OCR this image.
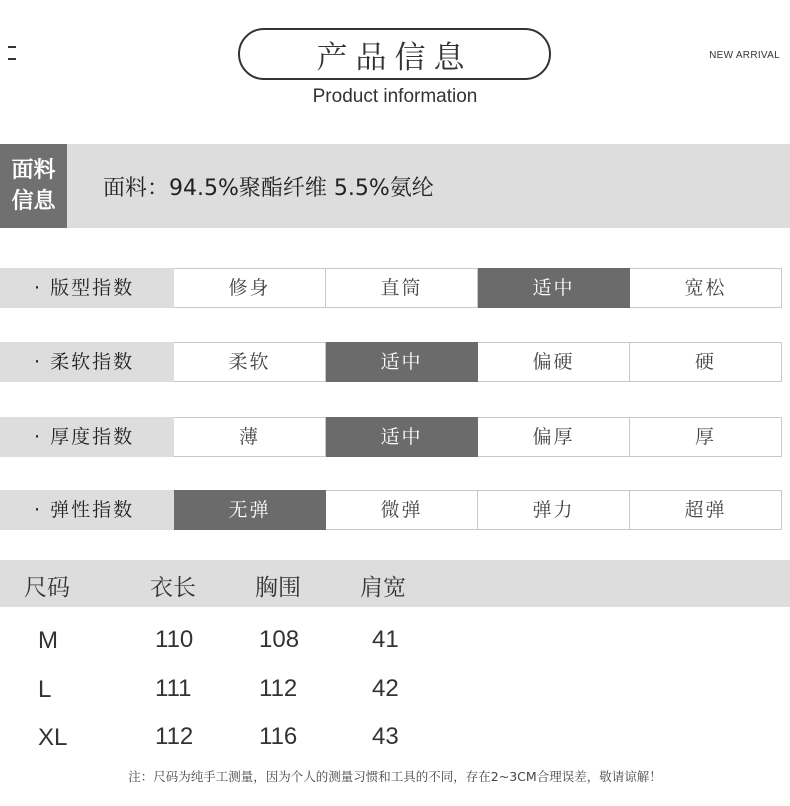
产品信息
Product information
NEW ARRIVAL
面料
信息
面料：94.5%聚酯纤维 5.5%氨纶
· 版型指数	修身	直筒	适中	宽松
· 柔软指数	柔软	适中	偏硬	硬
· 厚度指数	薄	适中	偏厚	厚
· 弹性指数	无弹	微弹	弹力	超弹
尺码	衣长	胸围	肩宽
M	110	108	41
L	111	112	42
XL	112	116	43
注：尺码为纯手工测量，因为个人的测量习惯和工具的不同，存在2~3CM合理误差，敬请谅解！
